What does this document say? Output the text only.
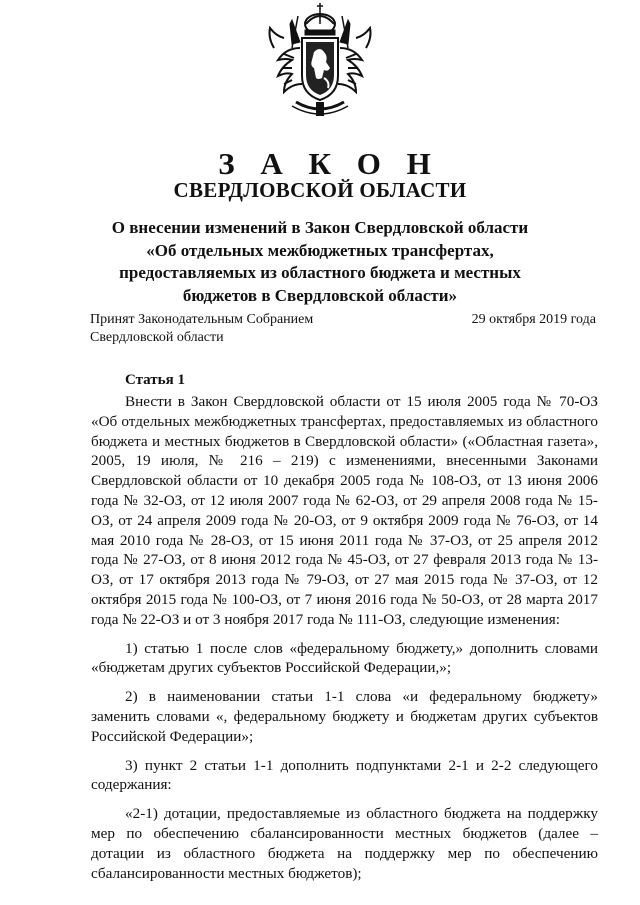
З А К О Н
СВЕРДЛОВСКОЙ ОБЛАСТИ
О внесении изменений в Закон Свердловской области
«Об отдельных межбюджетных трансфертах,
предоставляемых из областного бюджета и местных
бюджетов в Свердловской области»
Принят Законодательным Собранием
Свердловской области
29 октября 2019 года
Статья 1

Внести в Закон Свердловской области от 15 июля 2005 года № 70-ОЗ «Об отдельных межбюджетных трансфертах, предоставляемых из областного бюджета и местных бюджетов в Свердловской области» («Областная газета», 2005, 19 июля, № 216 – 219) с изменениями, внесенными Законами Свердловской области от 10 декабря 2005 года № 108-ОЗ, от 13 июня 2006 года № 32-ОЗ, от 12 июля 2007 года № 62-ОЗ, от 29 апреля 2008 года № 15-ОЗ, от 24 апреля 2009 года № 20-ОЗ, от 9 октября 2009 года № 76-ОЗ, от 14 мая 2010 года № 28-ОЗ, от 15 июня 2011 года № 37-ОЗ, от 25 апреля 2012 года № 27-ОЗ, от 8 июня 2012 года № 45-ОЗ, от 27 февраля 2013 года № 13-ОЗ, от 17 октября 2013 года № 79-ОЗ, от 27 мая 2015 года № 37-ОЗ, от 12 октября 2015 года № 100-ОЗ, от 7 июня 2016 года № 50-ОЗ, от 28 марта 2017 года № 22-ОЗ и от 3 ноября 2017 года № 111-ОЗ, следующие изменения:

1) статью 1 после слов «федеральному бюджету,» дополнить словами «бюджетам других субъектов Российской Федерации,»;

2) в наименовании статьи 1-1 слова «и федеральному бюджету» заменить словами «, федеральному бюджету и бюджетам других субъектов Российской Федерации»;

3) пункт 2 статьи 1-1 дополнить подпунктами 2-1 и 2-2 следующего содержания:

«2-1) дотации, предоставляемые из областного бюджета на поддержку мер по обеспечению сбалансированности местных бюджетов (далее – дотации из областного бюджета на поддержку мер по обеспечению сбалансированности местных бюджетов);
